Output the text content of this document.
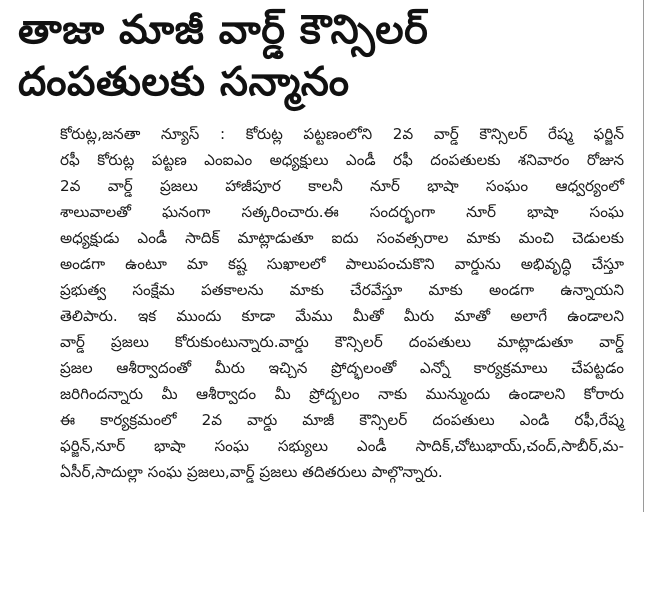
తాజా మాజీ వార్డ్ కౌన్సిలర్
దంపతులకు సన్మానం
కోరుట్ల,జనతా న్యూస్ : కోరుట్ల పట్టణంలోని 2వ వార్డ్ కౌన్సిలర్ రేష్మ ఫర్జిన్
రఫీ కోరుట్ల పట్టణ ఎంఐఎం అధ్యక్షులు ఎండీ రఫీ దంపతులకు శనివారం రోజున
2వ వార్డ్ ప్రజలు హాజీపూర కాలనీ నూర్ భాషా సంఘం ఆధ్వర్యంలో
శాలువాలతో ఘనంగా సత్కరించారు.ఈ సందర్భంగా నూర్ భాషా సంఘ
అధ్యక్షుడు ఎండీ సాదిక్ మాట్లాడుతూ ఐదు సంవత్సరాల మాకు మంచి చెడులకు
అండగా ఉంటూ మా కష్ట సుఖాలలో పాలుపంచుకొని వార్డును అభివృద్ధి చేస్తూ
ప్రభుత్వ సంక్షేమ పతకాలను మాకు చేరవేస్తూ మాకు అండగా ఉన్నాయని
తెలిపారు. ఇక ముందు కూడా మేము మీతో మీరు మాతో అలాగే ఉండాలని
వార్డ్ ప్రజలు కోరుకుంటున్నారు.వార్డు కౌన్సిలర్ దంపతులు మాట్లాడుతూ వార్డ్
ప్రజల ఆశీర్వాదంతో మీరు ఇచ్చిన ప్రోద్భలంతో ఎన్నో కార్యక్రమాలు చేపట్టడం
జరిగిందన్నారు మీ ఆశీర్వాదం మీ ప్రోద్బలం నాకు మున్ముందు ఉండాలని కోరారు
ఈ కార్యక్రమంలో 2వ వార్డు మాజీ కౌన్సిలర్ దంపతులు ఎండి రఫీ,రేష్మ
ఫర్జిన్,నూర్ భాషా సంఘ సభ్యులు ఎండీ సాదిక్,చోటుభాయ్,చంద్,సాబీర్,మ-
ఏసీర్,సాదుల్లా సంఘ ప్రజలు,వార్డ్ ప్రజలు తదితరులు పాల్గొన్నారు.
